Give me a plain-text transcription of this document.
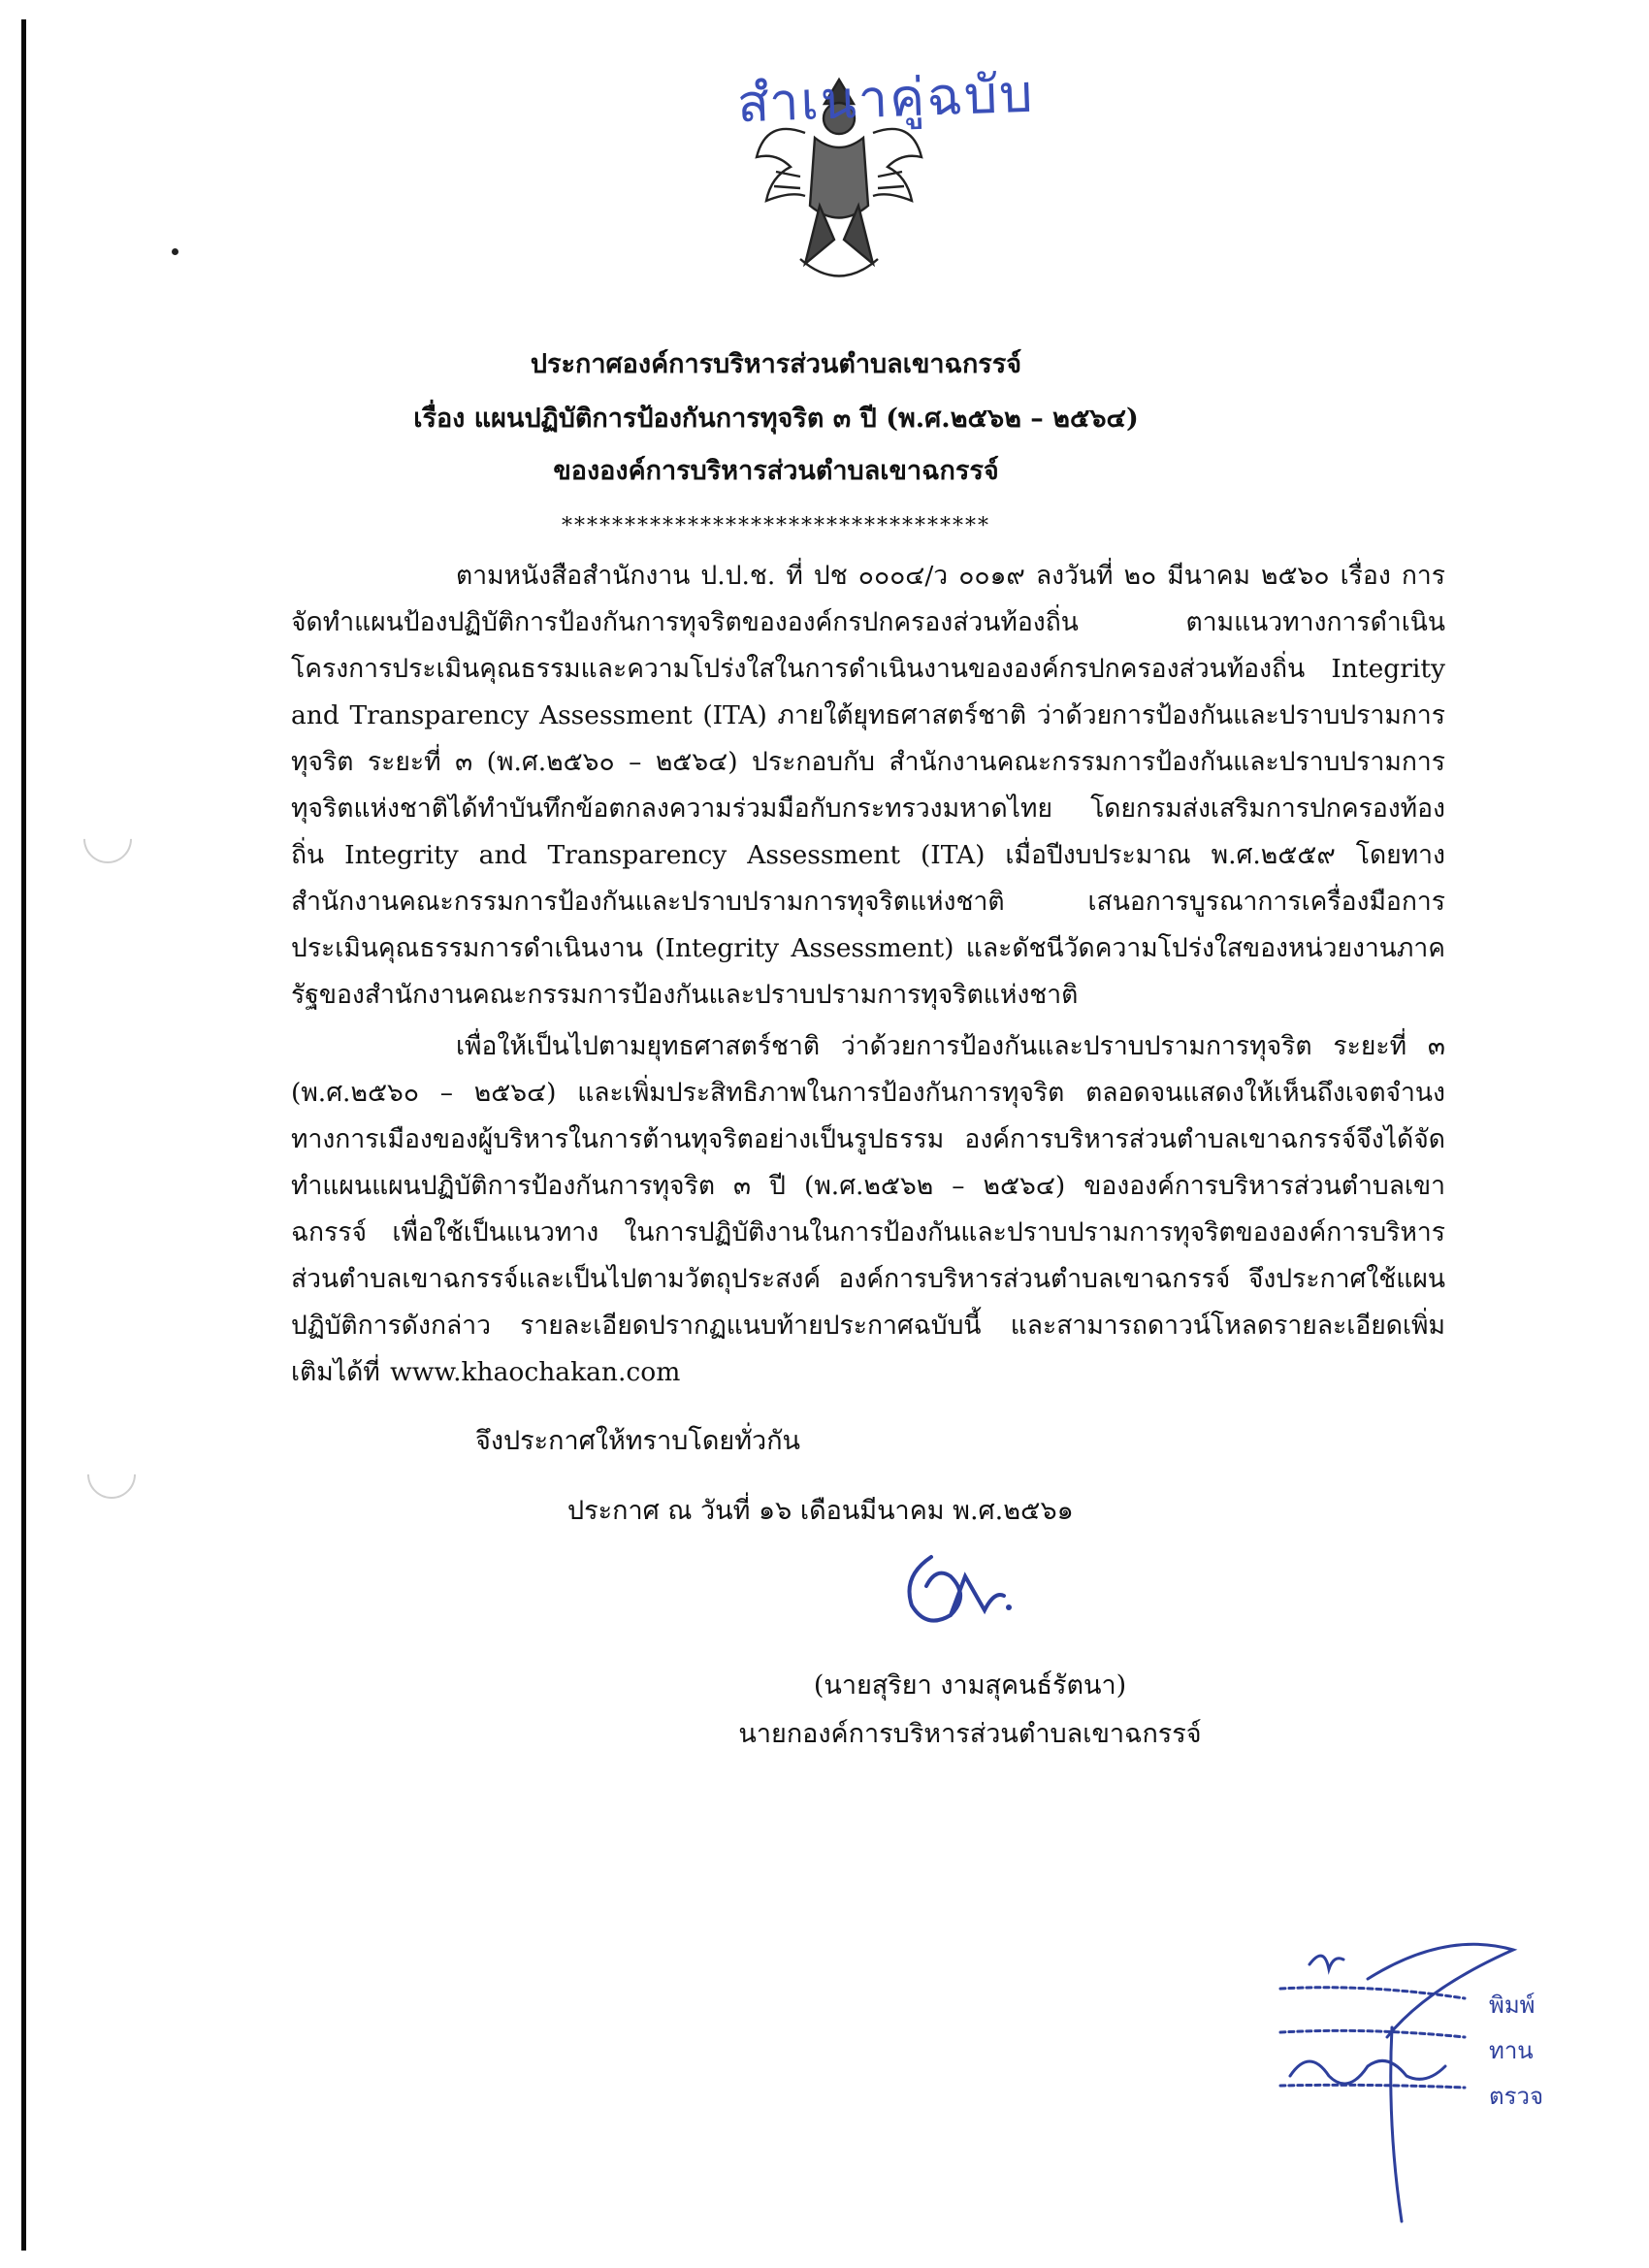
สำเนาคู่ฉบับ
ประกาศองค์การบริหารส่วนตำบลเขาฉกรรจ์
เรื่อง แผนปฏิบัติการป้องกันการทุจริต ๓ ปี (พ.ศ.๒๕๖๒ – ๒๕๖๔)
ขององค์การบริหารส่วนตำบลเขาฉกรรจ์
**********************************
ตามหนังสือสำนักงาน ป.ป.ช. ที่ ปช ๐๐๐๔/ว ๐๐๑๙ ลงวันที่ ๒๐ มีนาคม ๒๕๖๐ เรื่อง การจัดทำแผนป้องปฏิบัติการป้องกันการทุจริตขององค์กรปกครองส่วนท้องถิ่น ตามแนวทางการดำเนินโครงการประเมินคุณธรรมและความโปร่งใสในการดำเนินงานขององค์กรปกครองส่วนท้องถิ่น Integrity and Transparency Assessment (ITA) ภายใต้ยุทธศาสตร์ชาติ ว่าด้วยการป้องกันและปราบปรามการทุจริต ระยะที่ ๓ (พ.ศ.๒๕๖๐ – ๒๕๖๔) ประกอบกับ สำนักงานคณะกรรมการป้องกันและปราบปรามการทุจริตแห่งชาติได้ทำบันทึกข้อตกลงความร่วมมือกับกระทรวงมหาดไทย โดยกรมส่งเสริมการปกครองท้องถิ่น Integrity and Transparency Assessment (ITA) เมื่อปีงบประมาณ พ.ศ.๒๕๕๙ โดยทางสำนักงานคณะกรรมการป้องกันและปราบปรามการทุจริตแห่งชาติ เสนอการบูรณาการเครื่องมือการประเมินคุณธรรมการดำเนินงาน (Integrity Assessment) และดัชนีวัดความโปร่งใสของหน่วยงานภาครัฐของสำนักงานคณะกรรมการป้องกันและปราบปรามการทุจริตแห่งชาติ
เพื่อให้เป็นไปตามยุทธศาสตร์ชาติ ว่าด้วยการป้องกันและปราบปรามการทุจริต ระยะที่ ๓ (พ.ศ.๒๕๖๐ – ๒๕๖๔) และเพิ่มประสิทธิภาพในการป้องกันการทุจริต ตลอดจนแสดงให้เห็นถึงเจตจำนงทางการเมืองของผู้บริหารในการต้านทุจริตอย่างเป็นรูปธรรม องค์การบริหารส่วนตำบลเขาฉกรรจ์จึงได้จัดทำแผนแผนปฏิบัติการป้องกันการทุจริต ๓ ปี (พ.ศ.๒๕๖๒ – ๒๕๖๔) ขององค์การบริหารส่วนตำบลเขาฉกรรจ์ เพื่อใช้เป็นแนวทาง ในการปฏิบัติงานในการป้องกันและปราบปรามการทุจริตขององค์การบริหารส่วนตำบลเขาฉกรรจ์และเป็นไปตามวัตถุประสงค์ องค์การบริหารส่วนตำบลเขาฉกรรจ์ จึงประกาศใช้แผนปฏิบัติการดังกล่าว รายละเอียดปรากฏแนบท้ายประกาศฉบับนี้ และสามารถดาวน์โหลดรายละเอียดเพิ่มเติมได้ที่ www.khaochakan.com
จึงประกาศให้ทราบโดยทั่วกัน
ประกาศ ณ วันที่ ๑๖ เดือนมีนาคม พ.ศ.๒๕๖๑
(นายสุริยา งามสุคนธ์รัตนา)
นายกองค์การบริหารส่วนตำบลเขาฉกรรจ์
พิมพ์
ทาน
ตรวจ
